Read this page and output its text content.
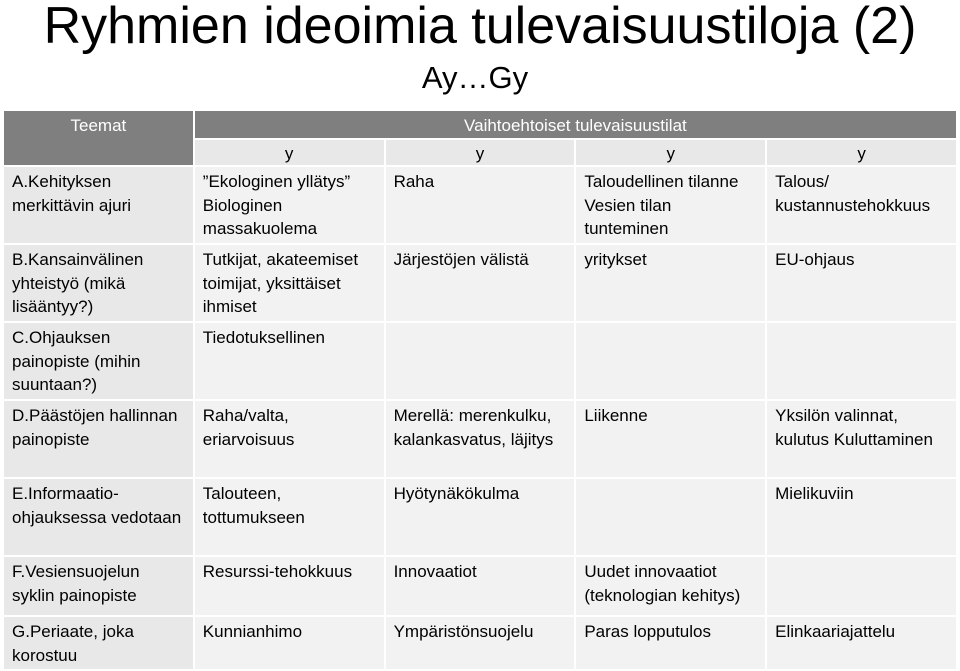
Ryhmien ideoimia tulevaisuustiloja (2)
Ay…Gy
Teemat	Vaihtoehtoiset tulevaisuustilat			
	y	y	y	y
A.Kehityksen merkittävin ajuri	”Ekologinen yllätys” Biologinen massakuolema	Raha	Taloudellinen tilanne Vesien tilan tunteminen	Talous/ kustannustehokkuus
B.Kansainvälinen yhteistyö (mikä lisääntyy?)	Tutkijat, akateemiset toimijat, yksittäiset ihmiset	Järjestöjen välistä	yritykset	EU-ohjaus
C.Ohjauksen painopiste (mihin suuntaan?)	Tiedotuksellinen			
D.Päästöjen hallinnan painopiste	Raha/valta, eriarvoisuus	Merellä: merenkulku, kalankasvatus, läjitys	Liikenne	Yksilön valinnat, kulutus Kuluttaminen
E.Informaatio-ohjauksessa vedotaan	Talouteen, tottumukseen	Hyötynäkökulma		Mielikuviin
F.Vesiensuojelun syklin painopiste	Resurssi-tehokkuus	Innovaatiot	Uudet innovaatiot (teknologian kehitys)	
G.Periaate, joka korostuu	Kunnianhimo	Ympäristönsuojelu	Paras lopputulos	Elinkaariajattelu
